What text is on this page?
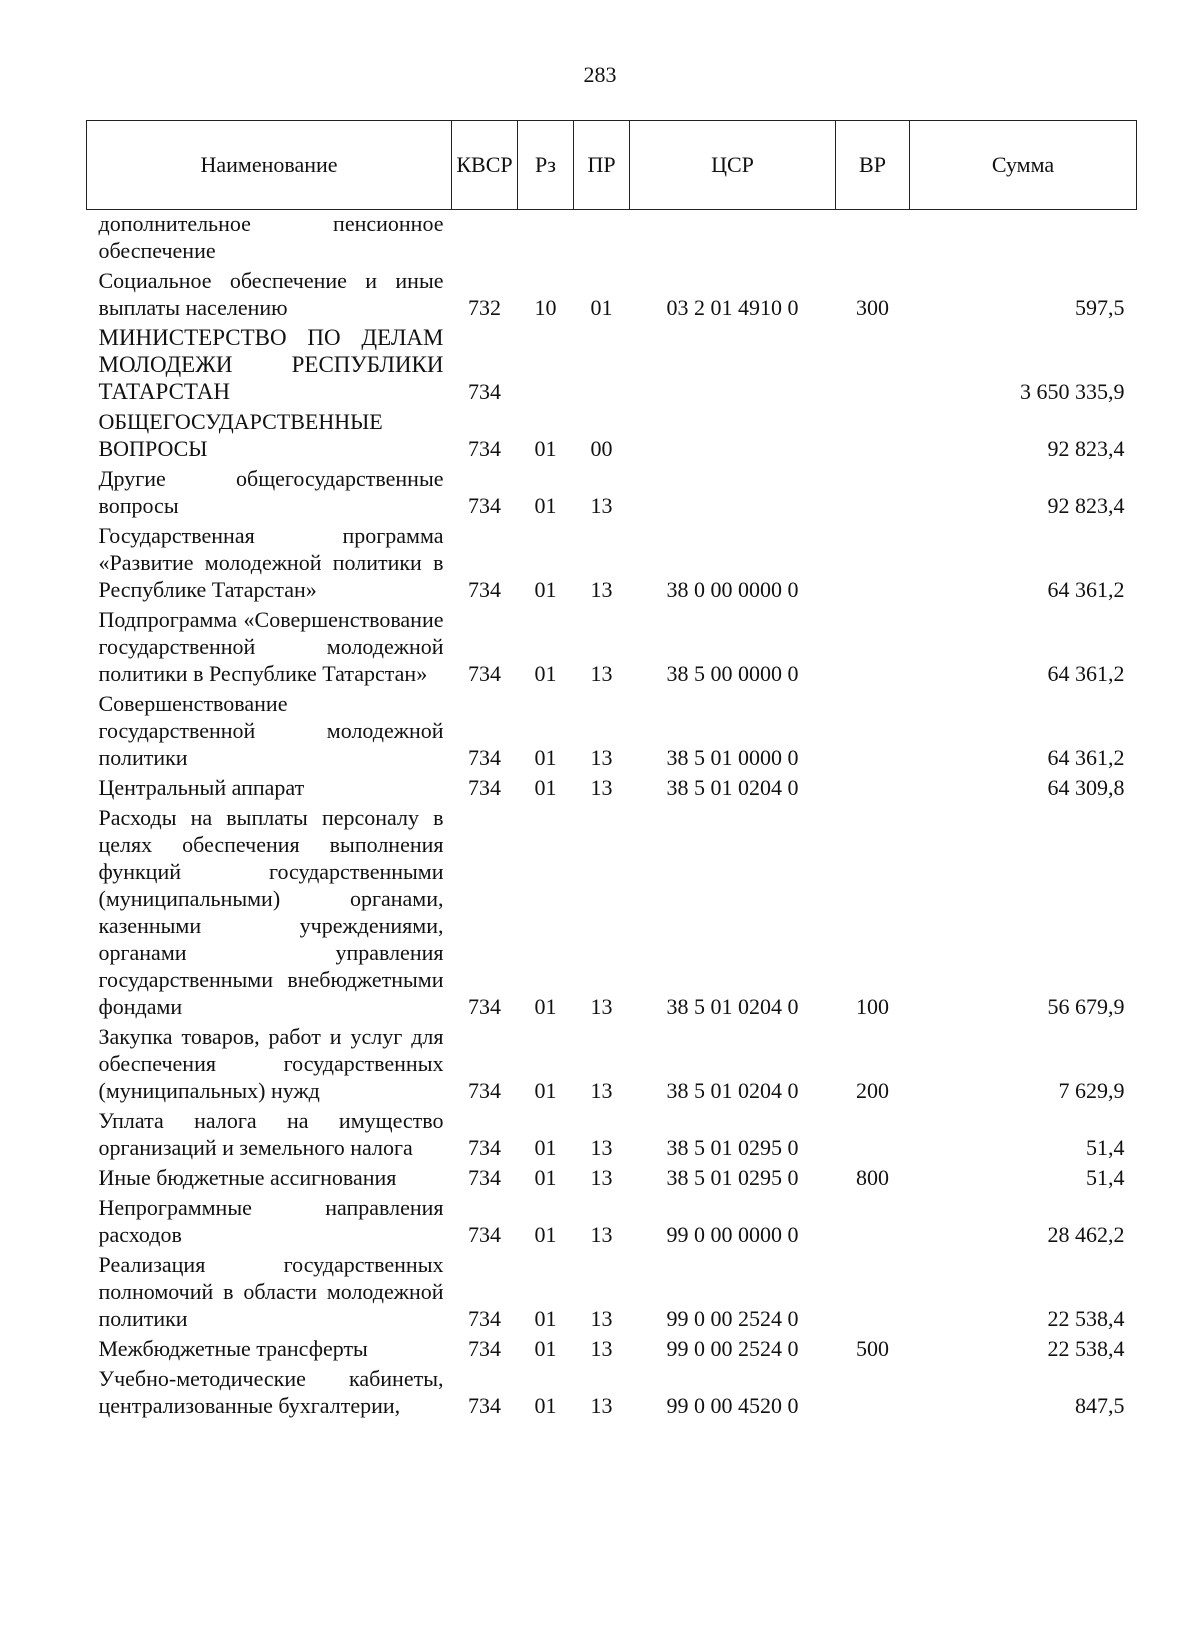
283
Наименование	КВСР	Рз	ПР	ЦСР	ВР	Сумма
дополнительное пенсионное обеспечение						
Социальное обеспечение и иные выплаты населению	732	10	01	03 2 01 4910 0	300	597,5
МИНИСТЕРСТВО ПО ДЕЛАМ МОЛОДЕЖИ РЕСПУБЛИКИ ТАТАРСТАН	734					3 650 335,9
ОБЩЕГОСУДАРСТВЕННЫЕ ВОПРОСЫ	734	01	00			92 823,4
Другие общегосударственные вопросы	734	01	13			92 823,4
Государственная программа «Развитие молодежной политики в Республике Татарстан»	734	01	13	38 0 00 0000 0		64 361,2
Подпрограмма «Совершенствование государственной молодежной политики в Республике Татарстан»	734	01	13	38 5 00 0000 0		64 361,2
Совершенствование государственной молодежной политики	734	01	13	38 5 01 0000 0		64 361,2
Центральный аппарат	734	01	13	38 5 01 0204 0		64 309,8
Расходы на выплаты персоналу в целях обеспечения выполнения функций государственными (муниципальными) органами, казенными учреждениями, органами управления государственными внебюджетными фондами	734	01	13	38 5 01 0204 0	100	56 679,9
Закупка товаров, работ и услуг для обеспечения государственных (муниципальных) нужд	734	01	13	38 5 01 0204 0	200	7 629,9
Уплата налога на имущество организаций и земельного налога	734	01	13	38 5 01 0295 0		51,4
Иные бюджетные ассигнования	734	01	13	38 5 01 0295 0	800	51,4
Непрограммные направления расходов	734	01	13	99 0 00 0000 0		28 462,2
Реализация государственных полномочий в области молодежной политики	734	01	13	99 0 00 2524 0		22 538,4
Межбюджетные трансферты	734	01	13	99 0 00 2524 0	500	22 538,4
Учебно-методические кабинеты, централизованные бухгалтерии,	734	01	13	99 0 00 4520 0		847,5
